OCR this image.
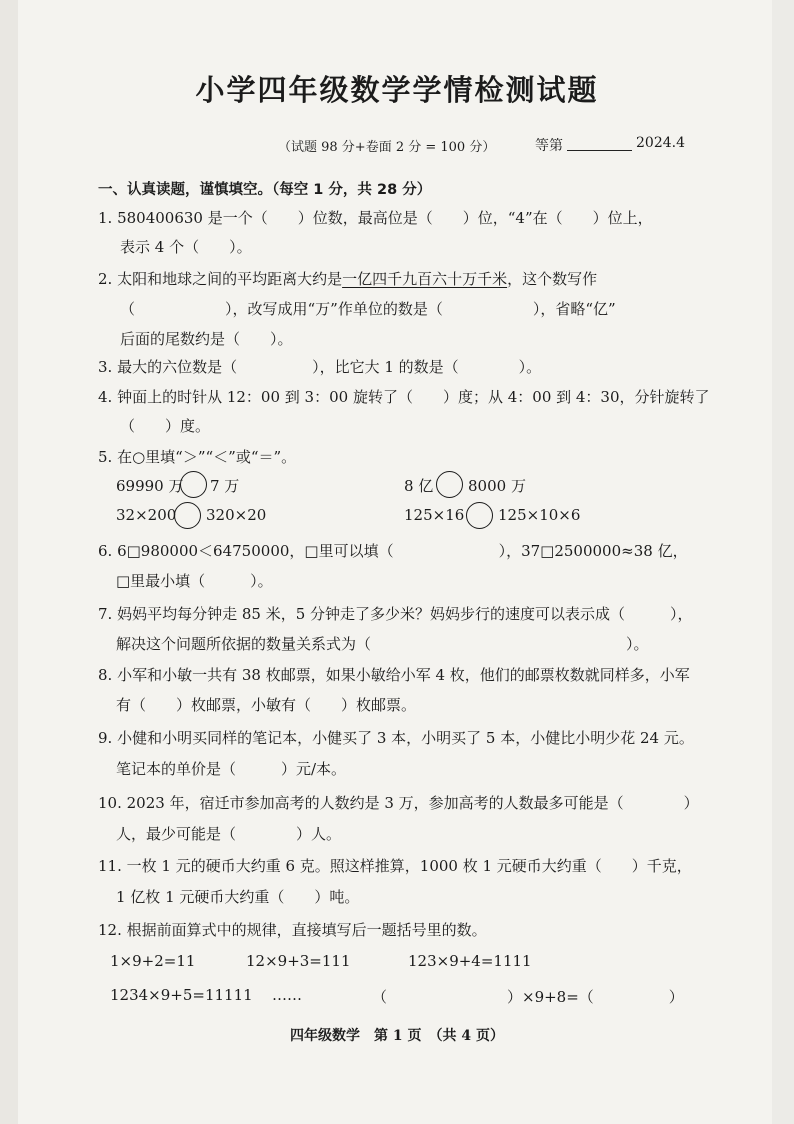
小学四年级数学学情检测试题
（试题 98 分+卷面 2 分 = 100 分）	等第	2024.4
一、认真读题，谨慎填空。（每空 1 分，共 28 分）
1. 580400630 是一个（　　）位数，最高位是（　　）位，“4”在（　　）位上，
表示 4 个（　　）。
2. 太阳和地球之间的平均距离大约是一亿四千九百六十万千米，这个数写作
（　　　　　　），改写成用“万”作单位的数是（　　　　　　），省略“亿”
后面的尾数约是（　　）。
3. 最大的六位数是（　　　　　），比它大 1 的数是（　　　　）。
4. 钟面上的时针从 12：00 到 3：00 旋转了（　　）度；从 4：00 到 4：30，分针旋转了
（　　）度。
5. 在○里填“＞”“＜”或“＝”。
69990 万 7 万	8 亿 8000 万
32×200 320×20	125×16 125×10×6
6. 6□980000＜64750000，□里可以填（　　　　　　　），37□2500000≈38 亿，
□里最小填（　　　）。
7. 妈妈平均每分钟走 85 米，5 分钟走了多少米？妈妈步行的速度可以表示成（　　　），
解决这个问题所依据的数量关系式为（　　　　　　　　　　　　　　　　　）。
8. 小军和小敏一共有 38 枚邮票，如果小敏给小军 4 枚，他们的邮票枚数就同样多，小军
有（　　）枚邮票，小敏有（　　）枚邮票。
9. 小健和小明买同样的笔记本，小健买了 3 本，小明买了 5 本，小健比小明少花 24 元。
笔记本的单价是（　　　）元/本。
10. 2023 年，宿迁市参加高考的人数约是 3 万，参加高考的人数最多可能是（　　　　）
人，最少可能是（　　　　）人。
11. 一枚 1 元的硬币大约重 6 克。照这样推算，1000 枚 1 元硬币大约重（　　）千克，
1 亿枚 1 元硬币大约重（　　）吨。
12. 根据前面算式中的规律，直接填写后一题括号里的数。
1×9+2=11	12×9+3=111	123×9+4=1111
1234×9+5=11111 ……	（　　　　　　　　）×9+8=（　　　　　）
四年级数学　第 1 页　（共 4 页）
